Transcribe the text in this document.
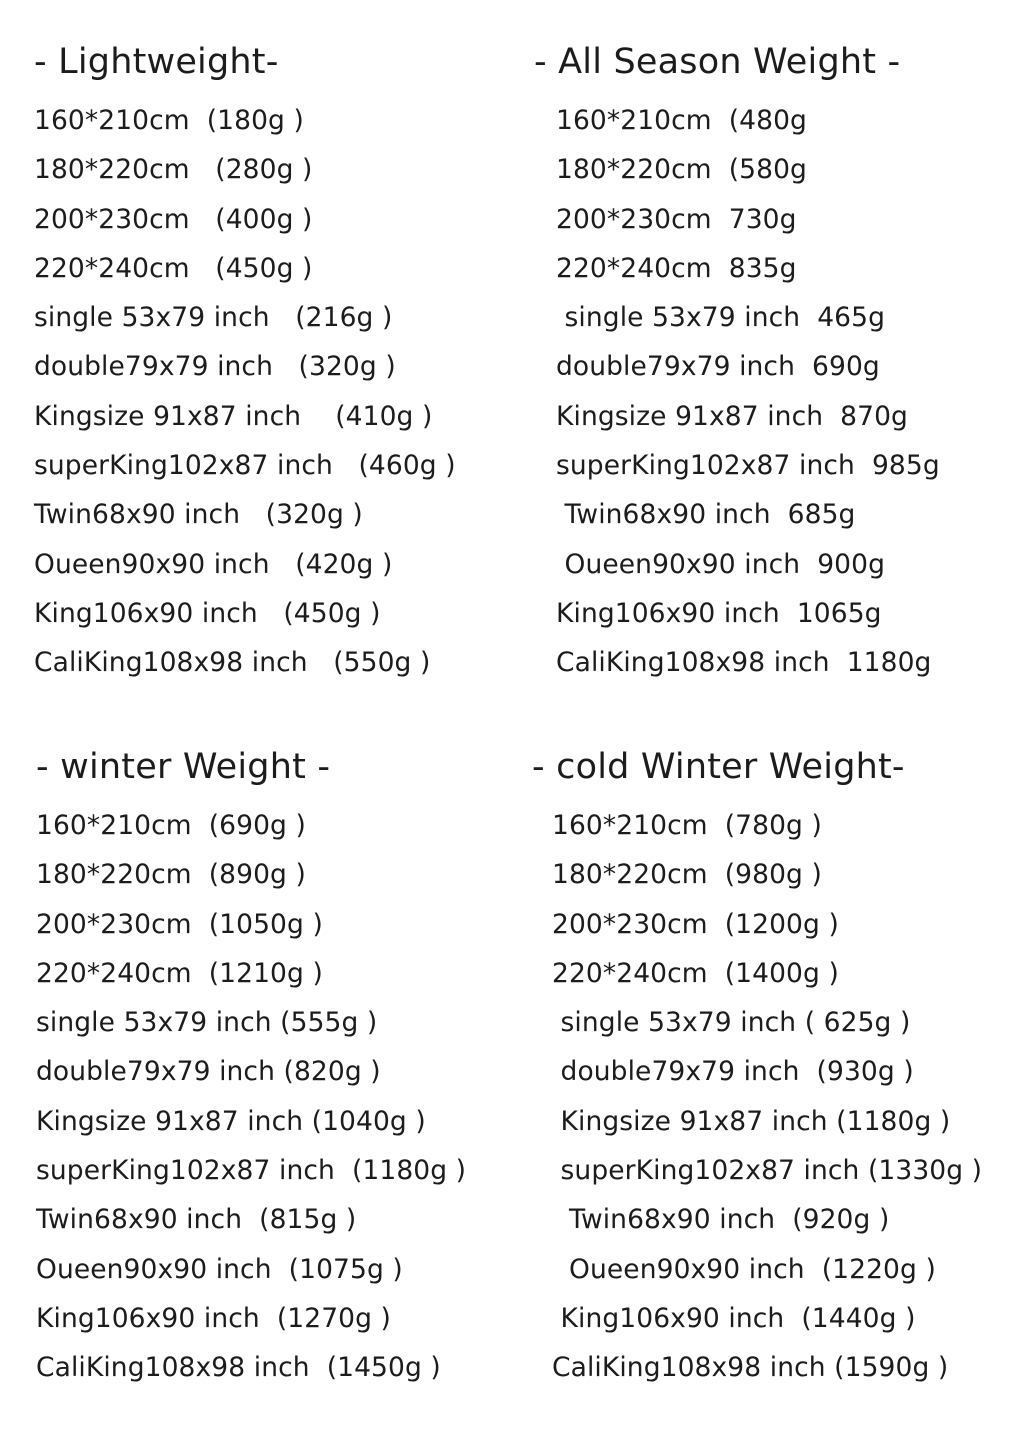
- Lightweight-
160*210cm  (180g )
180*220cm   (280g )
200*230cm   (400g )
220*240cm   (450g )
single 53x79 inch   (216g )
double79x79 inch   (320g )
Kingsize 91x87 inch    (410g )
superKing102x87 inch   (460g )
Twin68x90 inch   (320g )
Oueen90x90 inch   (420g )
King106x90 inch   (450g )
CaliKing108x98 inch   (550g )
- All Season Weight -
160*210cm  (480g
180*220cm  (580g
200*230cm  730g
220*240cm  835g
single 53x79 inch  465g
double79x79 inch  690g
Kingsize 91x87 inch  870g
superKing102x87 inch  985g
Twin68x90 inch  685g
Oueen90x90 inch  900g
King106x90 inch  1065g
CaliKing108x98 inch  1180g
- winter Weight -
160*210cm  (690g )
180*220cm  (890g )
200*230cm  (1050g )
220*240cm  (1210g )
single 53x79 inch (555g )
double79x79 inch (820g )
Kingsize 91x87 inch (1040g )
superKing102x87 inch  (1180g )
Twin68x90 inch  (815g )
Oueen90x90 inch  (1075g )
King106x90 inch  (1270g )
CaliKing108x98 inch  (1450g )
- cold Winter Weight-
160*210cm  (780g )
180*220cm  (980g )
200*230cm  (1200g )
220*240cm  (1400g )
single 53x79 inch ( 625g )
double79x79 inch  (930g )
Kingsize 91x87 inch (1180g )
superKing102x87 inch (1330g )
Twin68x90 inch  (920g )
Oueen90x90 inch  (1220g )
King106x90 inch  (1440g )
CaliKing108x98 inch (1590g )
